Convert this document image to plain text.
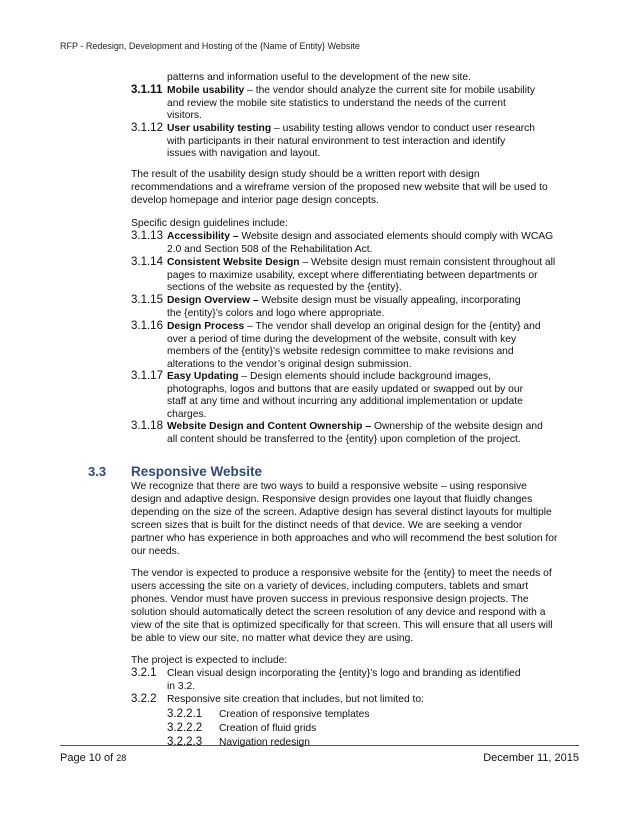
RFP - Redesign, Development and Hosting of the {Name of Entity} Website
patterns and information useful to the development of the new site.
3.1.11 Mobile usability – the vendor should analyze the current site for mobile usability
and review the mobile site statistics to understand the needs of the current
visitors.
3.1.12 User usability testing – usability testing allows vendor to conduct user research
with participants in their natural environment to test interaction and identify
issues with navigation and layout.
The result of the usability design study should be a written report with design
recommendations and a wireframe version of the proposed new website that will be used to
develop homepage and interior page design concepts.
Specific design guidelines include:
3.1.13 Accessibility – Website design and associated elements should comply with WCAG
2.0 and Section 508 of the Rehabilitation Act.
3.1.14 Consistent Website Design – Website design must remain consistent throughout all
pages to maximize usability, except where differentiating between departments or
sections of the website as requested by the {entity}.
3.1.15 Design Overview – Website design must be visually appealing, incorporating
the {entity}’s colors and logo where appropriate.
3.1.16 Design Process – The vendor shall develop an original design for the {entity} and
over a period of time during the development of the website, consult with key
members of the {entity}’s website redesign committee to make revisions and
alterations to the vendor’s original design submission.
3.1.17 Easy Updating – Design elements should include background images,
photographs, logos and buttons that are easily updated or swapped out by our
staff at any time and without incurring any additional implementation or update
charges.
3.1.18 Website Design and Content Ownership – Ownership of the website design and
all content should be transferred to the {entity} upon completion of the project.
3.3 Responsive Website
We recognize that there are two ways to build a responsive website – using responsive
design and adaptive design. Responsive design provides one layout that fluidly changes
depending on the size of the screen. Adaptive design has several distinct layouts for multiple
screen sizes that is built for the distinct needs of that device. We are seeking a vendor
partner who has experience in both approaches and who will recommend the best solution for
our needs.
The vendor is expected to produce a responsive website for the {entity} to meet the needs of
users accessing the site on a variety of devices, including computers, tablets and smart
phones. Vendor must have proven success in previous responsive design projects. The
solution should automatically detect the screen resolution of any device and respond with a
view of the site that is optimized specifically for that screen. This will ensure that all users will
be able to view our site, no matter what device they are using.
The project is expected to include:
3.2.1 Clean visual design incorporating the {entity}’s logo and branding as identified
in 3.2.
3.2.2 Responsive site creation that includes, but not limited to:
3.2.2.1 Creation of responsive templates
3.2.2.2 Creation of fluid grids
3.2.2.3 Navigation redesign
Page 10 of 28	December 11, 2015
